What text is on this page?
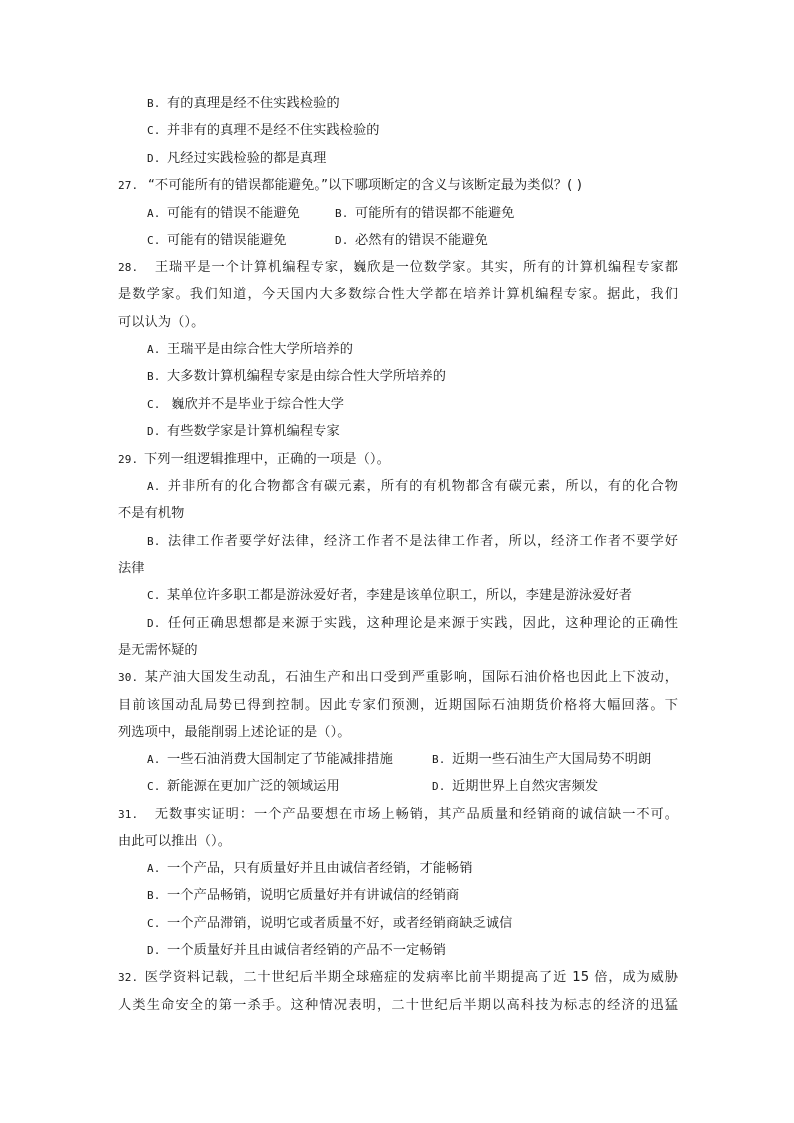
B. 有的真理是经不住实践检验的
C. 并非有的真理不是经不住实践检验的
D. 凡经过实践检验的都是真理
27. “不可能所有的错误都能避免。”以下哪项断定的含义与该断定最为类似？( )
A. 可能有的错误不能避免	B. 可能所有的错误都不能避免
C. 可能有的错误能避免	D. 必然有的错误不能避免
28. 王瑞平是一个计算机编程专家，巍欣是一位数学家。其实，所有的计算机编程专家都
是数学家。我们知道，今天国内大多数综合性大学都在培养计算机编程专家。据此，我们
可以认为（）。
A. 王瑞平是由综合性大学所培养的
B. 大多数计算机编程专家是由综合性大学所培养的
C. 巍欣并不是毕业于综合性大学
D. 有些数学家是计算机编程专家
29. 下列一组逻辑推理中，正确的一项是（）。
A. 并非所有的化合物都含有碳元素，所有的有机物都含有碳元素，所以，有的化合物
不是有机物
B. 法律工作者要学好法律，经济工作者不是法律工作者，所以，经济工作者不要学好
法律
C. 某单位许多职工都是游泳爱好者，李建是该单位职工，所以，李建是游泳爱好者
D. 任何正确思想都是来源于实践，这种理论是来源于实践，因此，这种理论的正确性
是无需怀疑的
30. 某产油大国发生动乱，石油生产和出口受到严重影响，国际石油价格也因此上下波动，
目前该国动乱局势已得到控制。因此专家们预测，近期国际石油期货价格将大幅回落。下
列选项中，最能削弱上述论证的是（）。
A. 一些石油消费大国制定了节能减排措施	B. 近期一些石油生产大国局势不明朗
C. 新能源在更加广泛的领域运用	D. 近期世界上自然灾害频发
31. 无数事实证明：一个产品要想在市场上畅销，其产品质量和经销商的诚信缺一不可。
由此可以推出（）。
A. 一个产品，只有质量好并且由诚信者经销，才能畅销
B. 一个产品畅销，说明它质量好并有讲诚信的经销商
C. 一个产品滞销，说明它或者质量不好，或者经销商缺乏诚信
D. 一个质量好并且由诚信者经销的产品不一定畅销
32. 医学资料记载，二十世纪后半期全球癌症的发病率比前半期提高了近 15 倍，成为威胁
人类生命安全的第一杀手。这种情况表明，二十世纪后半期以高科技为标志的经济的迅猛
